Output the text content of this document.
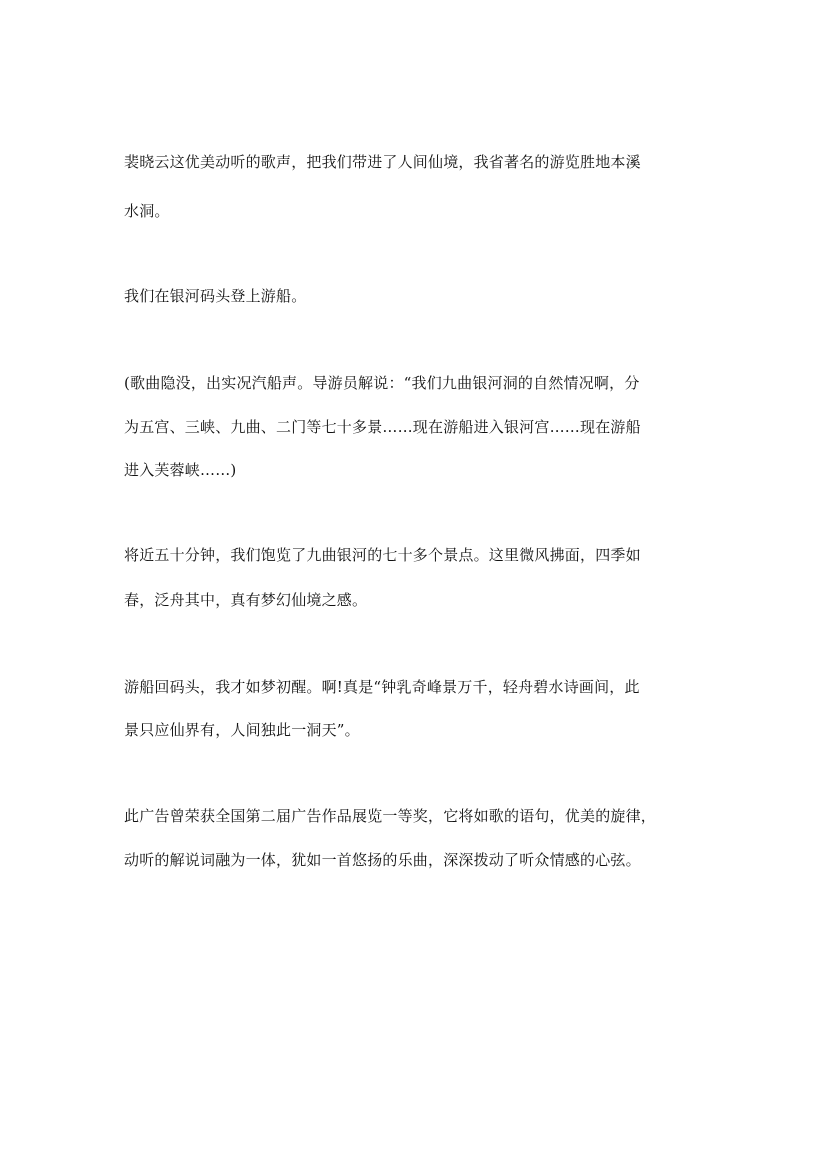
裴晓云这优美动听的歌声，把我们带进了人间仙境，我省著名的游览胜地本溪
水洞。
我们在银河码头登上游船。
(歌曲隐没，出实况汽船声。导游员解说：“我们九曲银河洞的自然情况啊，分
为五宫、三峡、九曲、二门等七十多景……现在游船进入银河宫……现在游船
进入芙蓉峡……)
将近五十分钟，我们饱览了九曲银河的七十多个景点。这里微风拂面，四季如
春，泛舟其中，真有梦幻仙境之感。
游船回码头，我才如梦初醒。啊!真是“钟乳奇峰景万千，轻舟碧水诗画间，此
景只应仙界有，人间独此一洞天”。
此广告曾荣获全国第二届广告作品展览一等奖，它将如歌的语句，优美的旋律，
动听的解说词融为一体，犹如一首悠扬的乐曲，深深拨动了听众情感的心弦。
